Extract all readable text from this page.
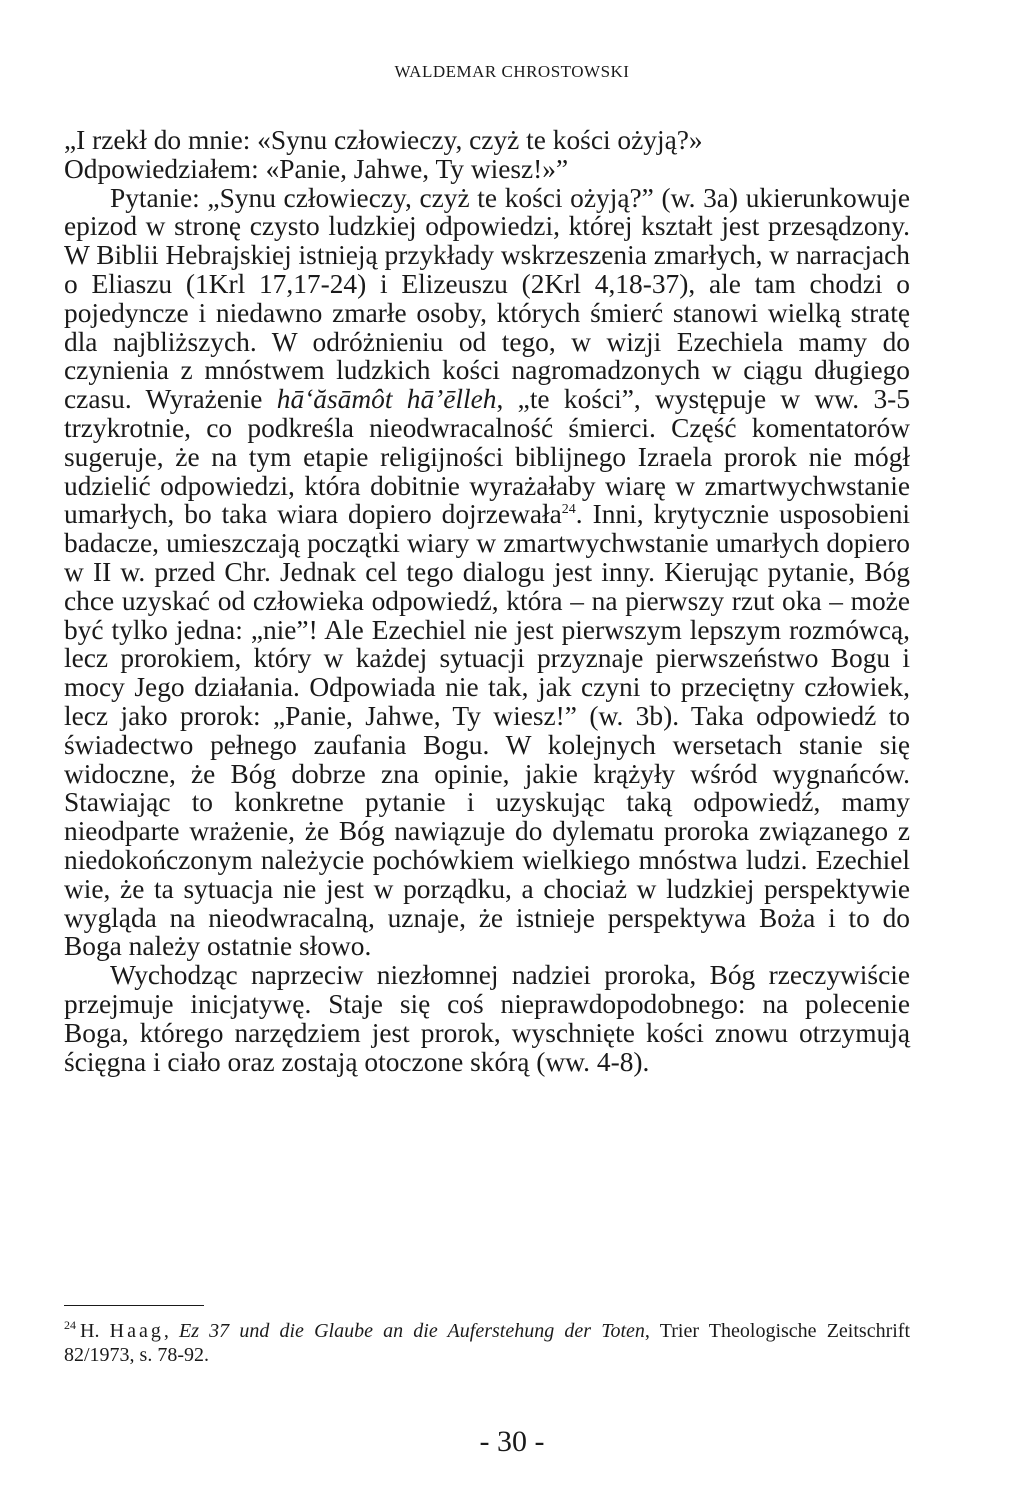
WALDEMAR CHROSTOWSKI

„I rzekł do mnie: «Synu człowieczy, czyż te kości ożyją?»

Odpowiedziałem: «Panie, Jahwe, Ty wiesz!»”

Pytanie: „Synu człowieczy, czyż te kości ożyją?” (w. 3a) ukierunkowuje epizod w stronę czysto ludzkiej odpowiedzi, której kształt jest przesądzony. W Biblii Hebrajskiej istnieją przykłady wskrzeszenia zmarłych, w narracjach o Eliaszu (1Krl 17,17-24) i Elizeuszu (2Krl 4,18-37), ale tam chodzi o pojedyncze i niedawno zmarłe osoby, których śmierć stanowi wielką stratę dla najbliższych. W odróżnieniu od tego, w wizji Ezechiela mamy do czynienia z mnóstwem ludzkich kości nagromadzonych w ciągu długiego czasu. Wyrażenie hā‘ăsāmôt hā’ēlleh, „te kości”, występuje w ww. 3-5 trzykrotnie, co podkreśla nieodwracalność śmierci. Część komentatorów sugeruje, że na tym etapie religijności biblijnego Izraela prorok nie mógł udzielić odpowiedzi, która dobitnie wyrażałaby wiarę w zmartwychwstanie umarłych, bo taka wiara dopiero dojrzewała$^{24}$. Inni, krytycznie usposobieni badacze, umieszczają początki wiary w zmartwychwstanie umarłych dopiero w II w. przed Chr. Jednak cel tego dialogu jest inny. Kierując pytanie, Bóg chce uzyskać od człowieka odpowiedź, która – na pierwszy rzut oka – może być tylko jedna: „nie”! Ale Ezechiel nie jest pierwszym lepszym rozmówcą, lecz prorokiem, który w każdej sytuacji przyznaje pierwszeństwo Bogu i mocy Jego działania. Odpowiada nie tak, jak czyni to przeciętny człowiek, lecz jako prorok: „Panie, Jahwe, Ty wiesz!” (w. 3b). Taka odpowiedź to świadectwo pełnego zaufania Bogu. W kolejnych wersetach stanie się widoczne, że Bóg dobrze zna opinie, jakie krążyły wśród wygnańców. Stawiając to konkretne pytanie i uzyskując taką odpowiedź, mamy nieodparte wrażenie, że Bóg nawiązuje do dylematu proroka związanego z niedokończonym należycie pochówkiem wielkiego mnóstwa ludzi. Ezechiel wie, że ta sytuacja nie jest w porządku, a chociaż w ludzkiej perspektywie wygląda na nieodwracalną, uznaje, że istnieje perspektywa Boża i to do Boga należy ostatnie słowo.

Wychodząc naprzeciw niezłomnej nadziei proroka, Bóg rzeczywiście przejmuje inicjatywę. Staje się coś nieprawdopodobnego: na polecenie Boga, którego narzędziem jest prorok, wyschnięte kości znowu otrzymują ścięgna i ciało oraz zostają otoczone skórą (ww. 4-8).

$^{24}$ H. Haag, Ez 37 und die Glaube an die Auferstehung der Toten, Trier Theologische Zeitschrift 82/1973, s. 78-92.
- 30 -
